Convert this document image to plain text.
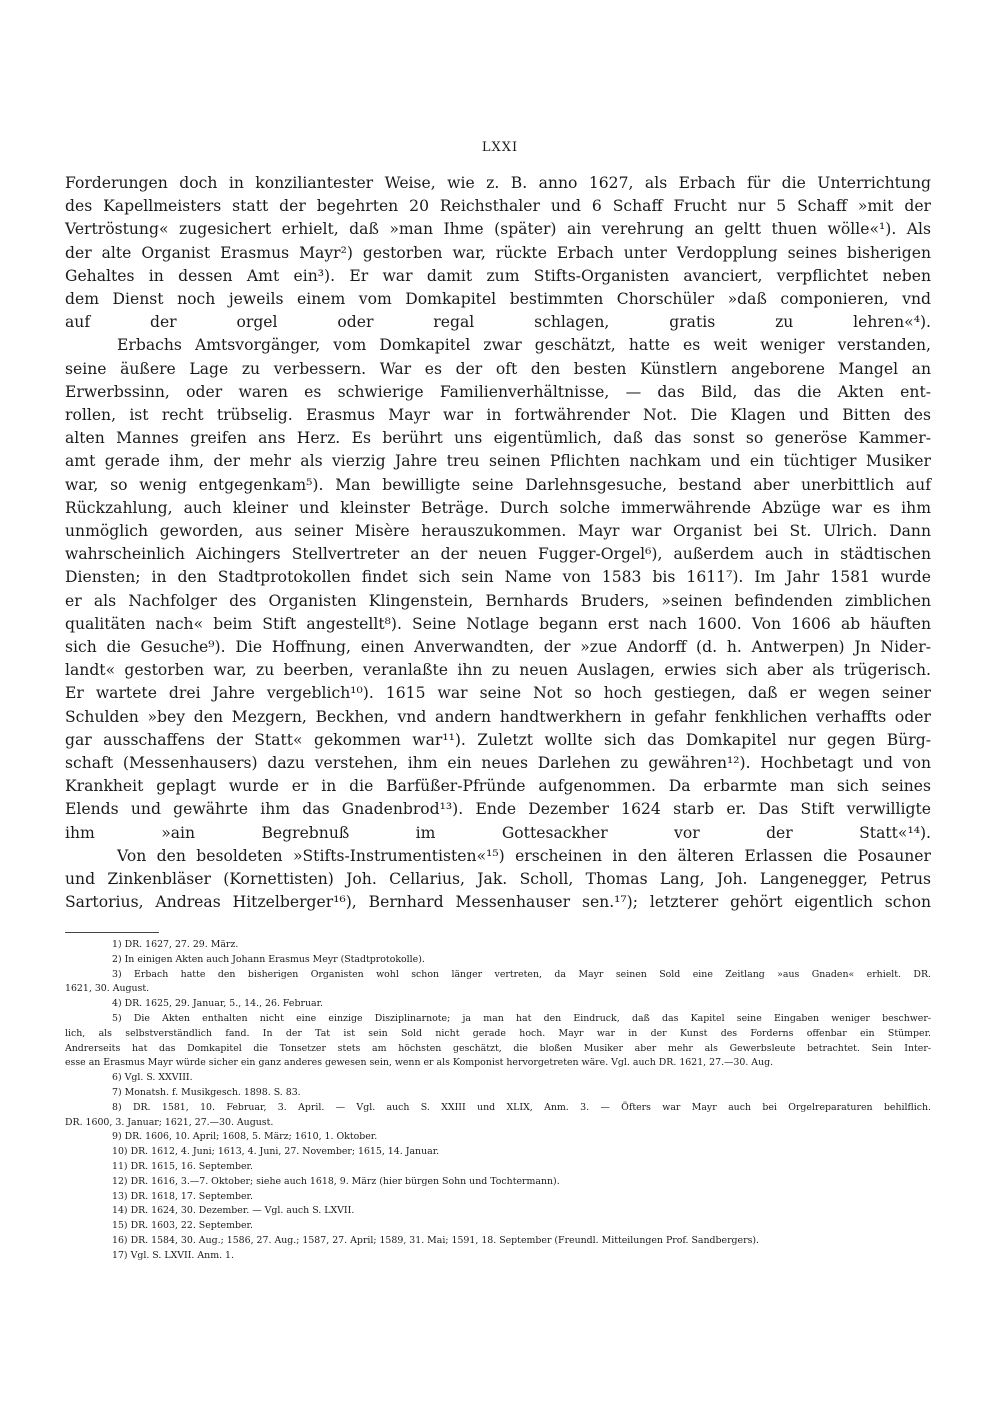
LXXI

Forderungen doch in konziliantester Weise, wie z. B. anno 1627, als Erbach für die Unterrichtung
des Kapellmeisters statt der begehrten 20 Reichsthaler und 6 Schaff Frucht nur 5 Schaff »mit der
Vertröstung« zugesichert erhielt, daß »man Ihme (später) ain verehrung an geltt thuen wölle«¹). Als
der alte Organist Erasmus Mayr²) gestorben war, rückte Erbach unter Verdopplung seines bisherigen
Gehaltes in dessen Amt ein³). Er war damit zum Stifts-Organisten avanciert, verpflichtet neben
dem Dienst noch jeweils einem vom Domkapitel bestimmten Chorschüler »daß componieren, vnd
auf der orgel oder regal schlagen, gratis zu lehren«⁴).

Erbachs Amtsvorgänger, vom Domkapitel zwar geschätzt, hatte es weit weniger verstanden,
seine äußere Lage zu verbessern. War es der oft den besten Künstlern angeborene Mangel an
Erwerbssinn, oder waren es schwierige Familienverhältnisse, — das Bild, das die Akten ent-
rollen, ist recht trübselig. Erasmus Mayr war in fortwährender Not. Die Klagen und Bitten des
alten Mannes greifen ans Herz. Es berührt uns eigentümlich, daß das sonst so generöse Kammer-
amt gerade ihm, der mehr als vierzig Jahre treu seinen Pflichten nachkam und ein tüchtiger Musiker
war, so wenig entgegenkam⁵). Man bewilligte seine Darlehnsgesuche, bestand aber unerbittlich auf
Rückzahlung, auch kleiner und kleinster Beträge. Durch solche immerwährende Abzüge war es ihm
unmöglich geworden, aus seiner Misère herauszukommen. Mayr war Organist bei St. Ulrich. Dann
wahrscheinlich Aichingers Stellvertreter an der neuen Fugger-Orgel⁶), außerdem auch in städtischen
Diensten; in den Stadtprotokollen findet sich sein Name von 1583 bis 1611⁷). Im Jahr 1581 wurde
er als Nachfolger des Organisten Klingenstein, Bernhards Bruders, »seinen befindenden zimblichen
qualitäten nach« beim Stift angestellt⁸). Seine Notlage begann erst nach 1600. Von 1606 ab häuften
sich die Gesuche⁹). Die Hoffnung, einen Anverwandten, der »zue Andorff (d. h. Antwerpen) Jn Nider-
landt« gestorben war, zu beerben, veranlaßte ihn zu neuen Auslagen, erwies sich aber als trügerisch.
Er wartete drei Jahre vergeblich¹⁰). 1615 war seine Not so hoch gestiegen, daß er wegen seiner
Schulden »bey den Mezgern, Beckhen, vnd andern handtwerkhern in gefahr fenkhlichen verhaffts oder
gar ausschaffens der Statt« gekommen war¹¹). Zuletzt wollte sich das Domkapitel nur gegen Bürg-
schaft (Messenhausers) dazu verstehen, ihm ein neues Darlehen zu gewähren¹²). Hochbetagt und von
Krankheit geplagt wurde er in die Barfüßer-Pfründe aufgenommen. Da erbarmte man sich seines
Elends und gewährte ihm das Gnadenbrod¹³). Ende Dezember 1624 starb er. Das Stift verwilligte
ihm »ain Begrebnuß im Gottesackher vor der Statt«¹⁴).

Von den besoldeten »Stifts-Instrumentisten«¹⁵) erscheinen in den älteren Erlassen die Posauner
und Zinkenbläser (Kornettisten) Joh. Cellarius, Jak. Scholl, Thomas Lang, Joh. Langenegger, Petrus
Sartorius, Andreas Hitzelberger¹⁶), Bernhard Messenhauser sen.¹⁷); letzterer gehört eigentlich schon

1) DR. 1627, 27. 29. März.
2) In einigen Akten auch Johann Erasmus Meyr (Stadtprotokolle).
3) Erbach hatte den bisherigen Organisten wohl schon länger vertreten, da Mayr seinen Sold eine Zeitlang »aus Gnaden« erhielt. DR.
1621, 30. August.
4) DR. 1625, 29. Januar, 5., 14., 26. Februar.
5) Die Akten enthalten nicht eine einzige Disziplinarnote; ja man hat den Eindruck, daß das Kapitel seine Eingaben weniger beschwer-
lich, als selbstverständlich fand. In der Tat ist sein Sold nicht gerade hoch. Mayr war in der Kunst des Forderns offenbar ein Stümper.
Andrerseits hat das Domkapitel die Tonsetzer stets am höchsten geschätzt, die bloßen Musiker aber mehr als Gewerbsleute betrachtet. Sein Inter-
esse an Erasmus Mayr würde sicher ein ganz anderes gewesen sein, wenn er als Komponist hervorgetreten wäre. Vgl. auch DR. 1621, 27.—30. Aug.
6) Vgl. S. XXVIII.
7) Monatsh. f. Musikgesch. 1898. S. 83.
8) DR. 1581, 10. Februar, 3. April. — Vgl. auch S. XXIII und XLIX, Anm. 3. — Öfters war Mayr auch bei Orgelreparaturen behilflich.
DR. 1600, 3. Januar; 1621, 27.—30. August.
9) DR. 1606, 10. April; 1608, 5. März; 1610, 1. Oktober.
10) DR. 1612, 4. Juni; 1613, 4. Juni, 27. November; 1615, 14. Januar.
11) DR. 1615, 16. September.
12) DR. 1616, 3.—7. Oktober; siehe auch 1618, 9. März (hier bürgen Sohn und Tochtermann).
13) DR. 1618, 17. September.
14) DR. 1624, 30. Dezember. — Vgl. auch S. LXVII.
15) DR. 1603, 22. September.
16) DR. 1584, 30. Aug.; 1586, 27. Aug.; 1587, 27. April; 1589, 31. Mai; 1591, 18. September (Freundl. Mitteilungen Prof. Sandbergers).
17) Vgl. S. LXVII. Anm. 1.
